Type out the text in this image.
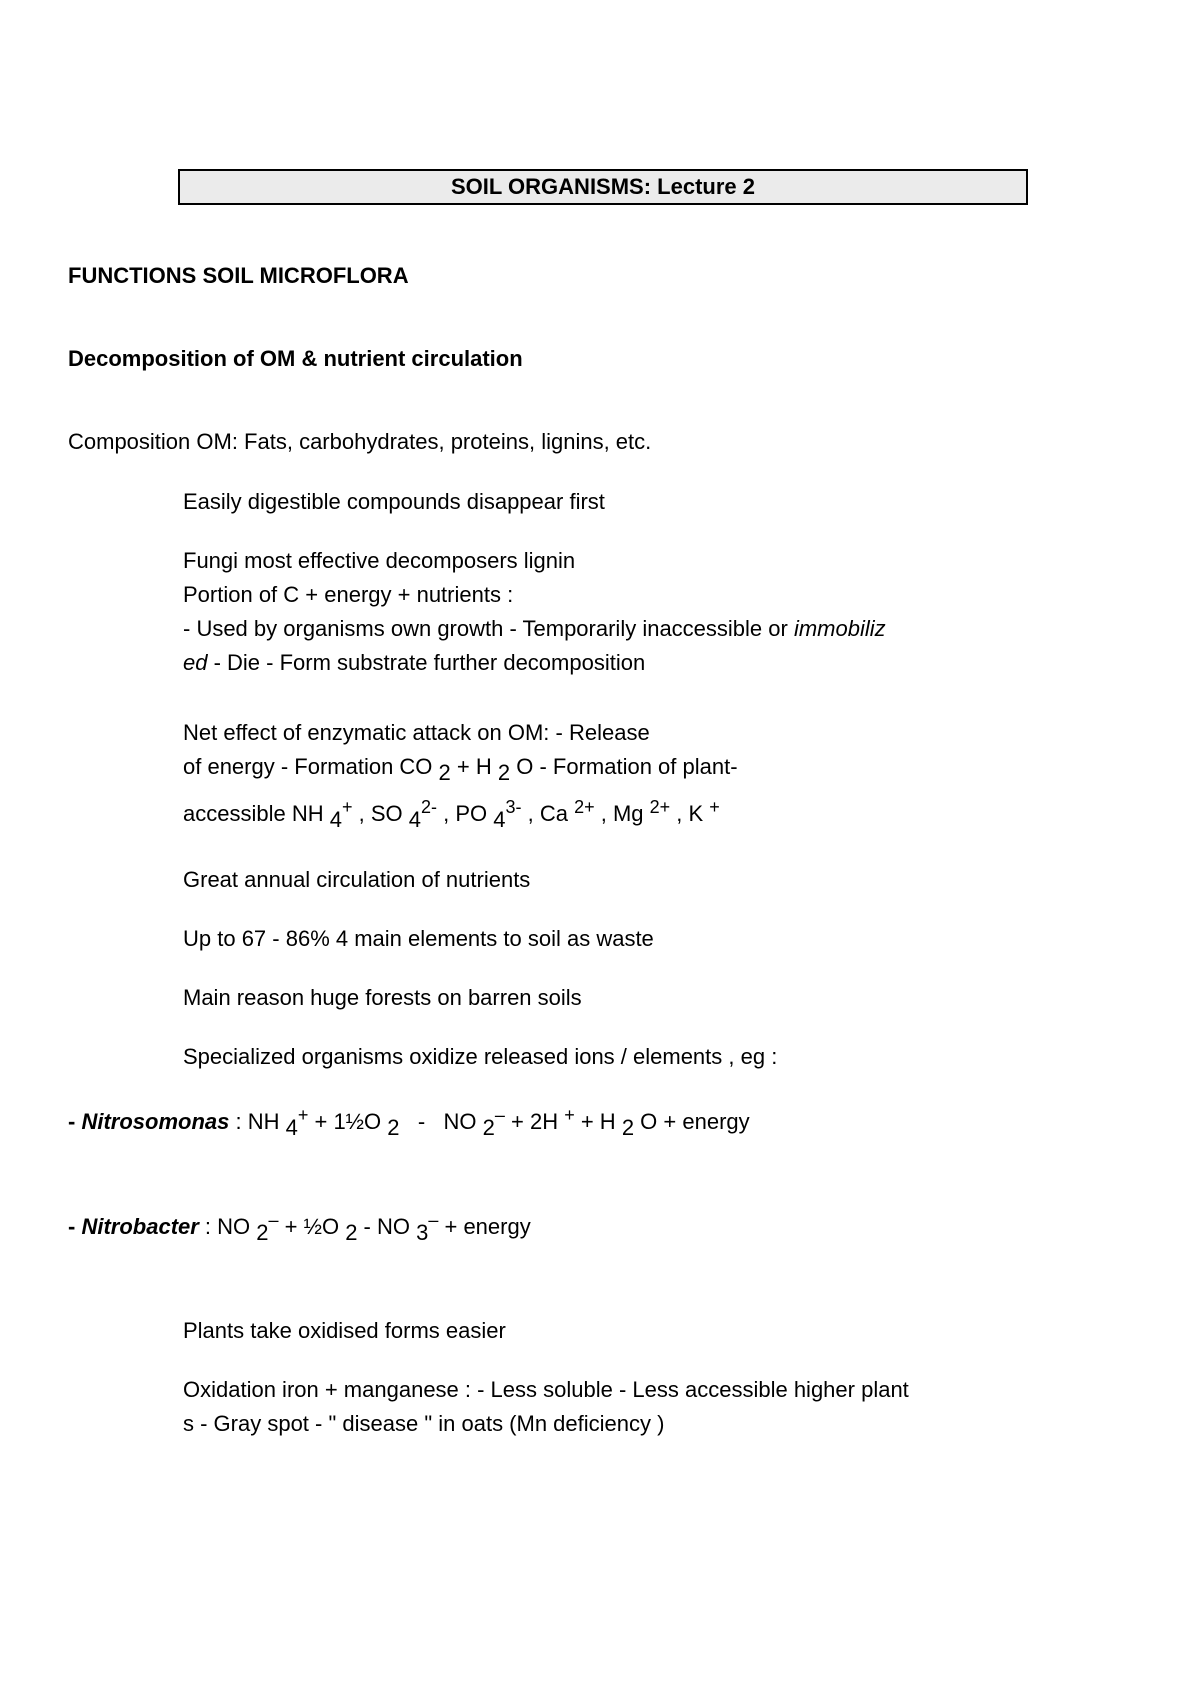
SOIL ORGANISMS: Lecture 2
FUNCTIONS SOIL MICROFLORA
Decomposition of OM & nutrient circulation
Composition OM: Fats, carbohydrates, proteins, lignins, etc.
Easily digestible compounds disappear first
Fungi most effective decomposers lignin
Portion of C + energy + nutrients :
- Used by organisms own growth - Temporarily inaccessible or immobiliz
ed - Die - Form substrate further decomposition
Net effect of enzymatic attack on OM: - Release
of energy - Formation CO $_2$ + H $_2$ O - Formation of plant-
accessible NH $_4$+ , SO $_4^{2-}$ , PO $_4^{3-}$ , Ca $^{2+}$ , Mg $^{2+}$ , K +
Great annual circulation of nutrients
Up to 67 - 86% 4 main elements to soil as waste
Main reason huge forests on barren soils
Specialized organisms oxidize released ions / elements , eg :
- Nitrosomonas : NH $_4$+ + 1½O $_2$   -   NO $_2$– + 2H + + H $_2$ O + energy
- Nitrobacter : NO $_2$– + ½O $_2$ - NO $_3$– + energy
Plants take oxidised forms easier
Oxidation iron + manganese : - Less soluble - Less accessible higher plant
s - Gray spot - " disease " in oats (Mn deficiency )
